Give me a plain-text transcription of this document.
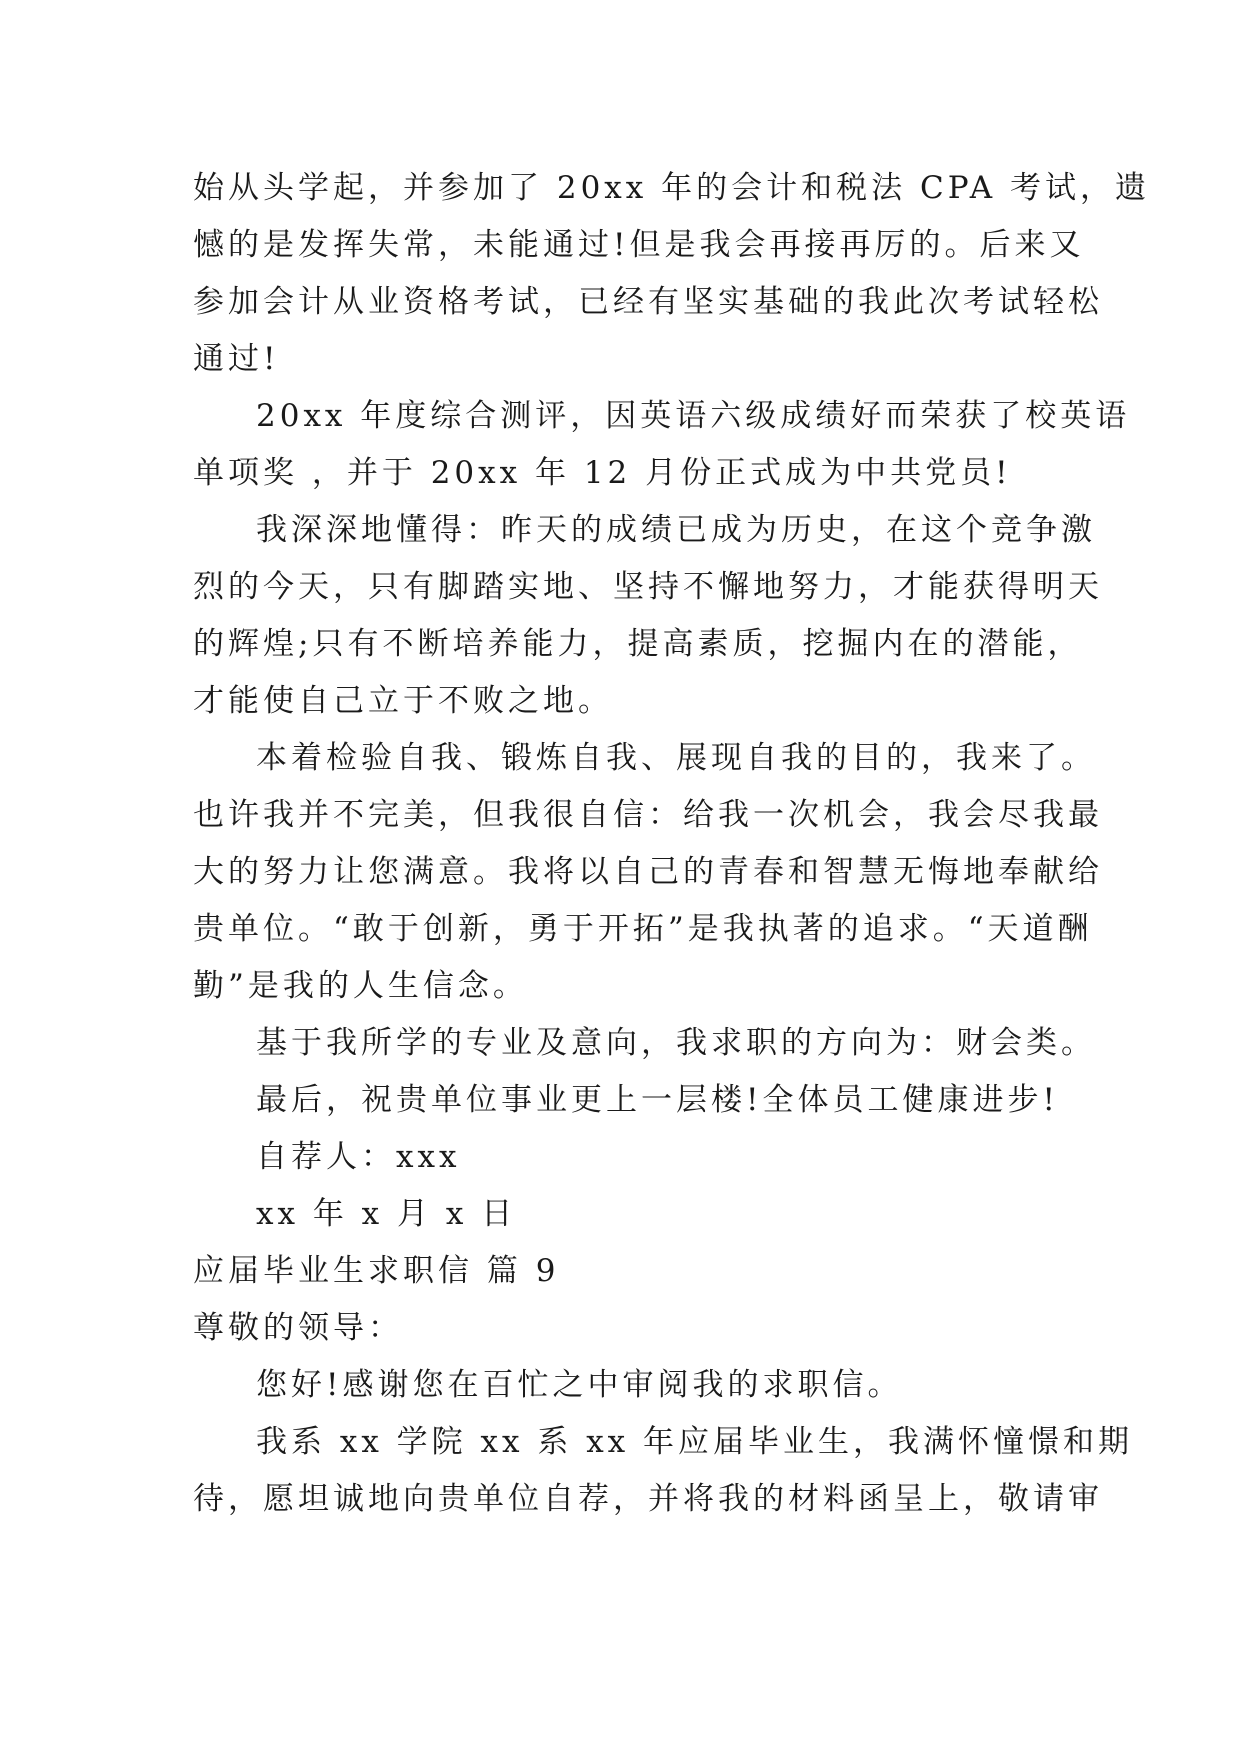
始从头学起，并参加了 20xx 年的会计和税法 CPA 考试，遗
憾的是发挥失常，未能通过!但是我会再接再厉的。后来又
参加会计从业资格考试，已经有坚实基础的我此次考试轻松
通过!
20xx 年度综合测评，因英语六级成绩好而荣获了校英语
单项奖 ，并于 20xx 年 12 月份正式成为中共党员!
我深深地懂得：昨天的成绩已成为历史，在这个竞争激
烈的今天，只有脚踏实地、坚持不懈地努力，才能获得明天
的辉煌;只有不断培养能力，提高素质，挖掘内在的潜能，
才能使自己立于不败之地。
本着检验自我、锻炼自我、展现自我的目的，我来了。
也许我并不完美，但我很自信：给我一次机会，我会尽我最
大的努力让您满意。我将以自己的青春和智慧无悔地奉献给
贵单位。“敢于创新，勇于开拓”是我执著的追求。“天道酬
勤”是我的人生信念。
基于我所学的专业及意向，我求职的方向为：财会类。
最后，祝贵单位事业更上一层楼!全体员工健康进步!
自荐人：xxx
xx 年 x 月 x 日
应届毕业生求职信 篇 9
尊敬的领导：
您好!感谢您在百忙之中审阅我的求职信。
我系 xx 学院 xx 系 xx 年应届毕业生，我满怀憧憬和期
待，愿坦诚地向贵单位自荐，并将我的材料函呈上，敬请审
